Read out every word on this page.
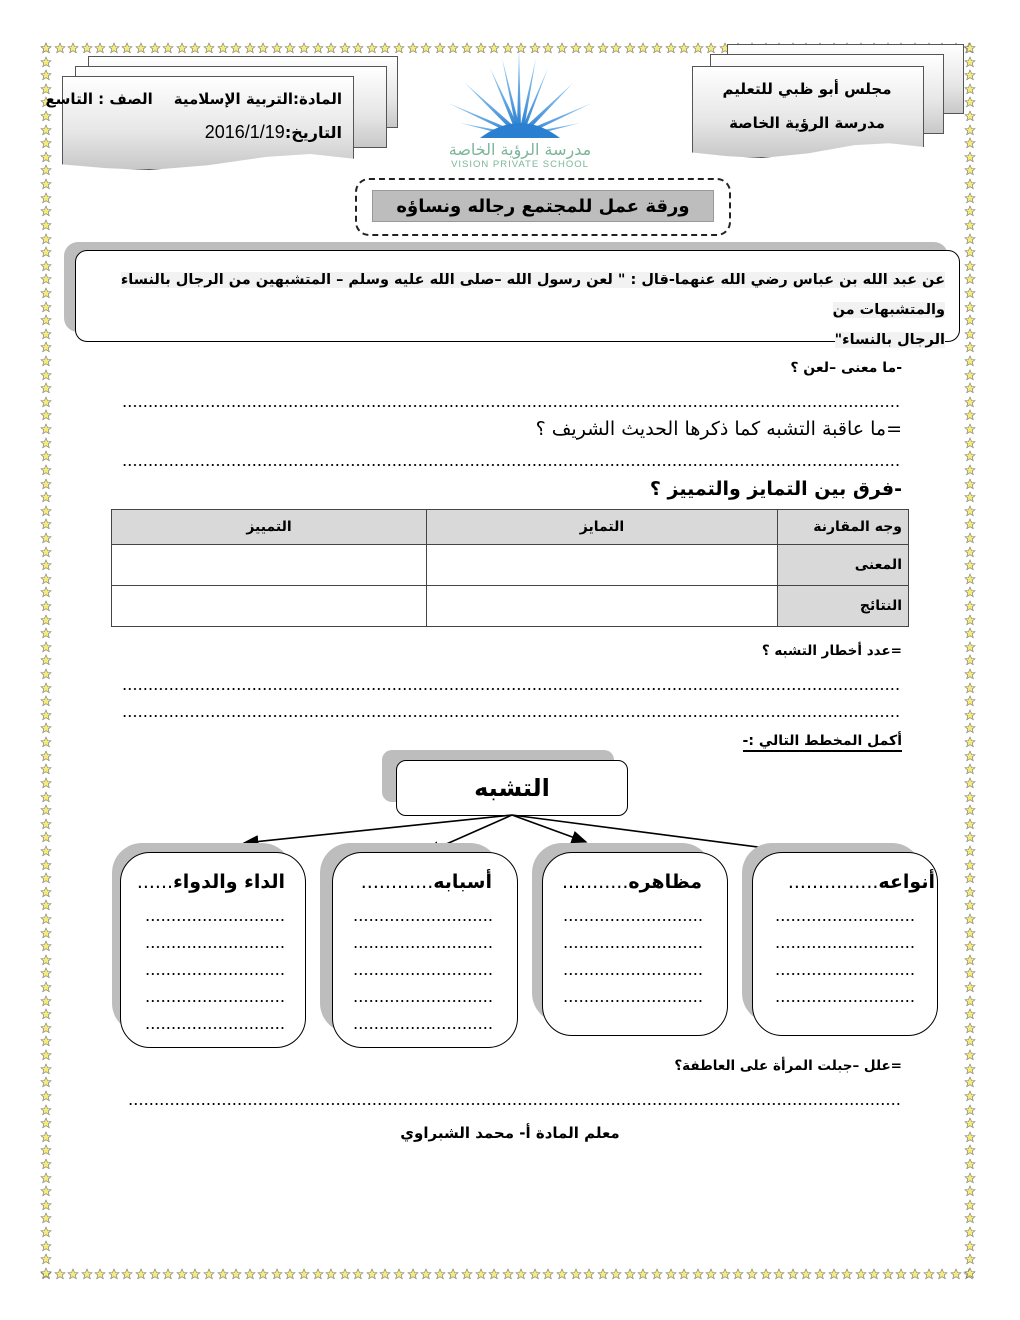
المادة:التربية الإسلامية    الصف : التاسع
التاريخ:2016/1/19
مجلس أبو ظبي للتعليم
مدرسة الرؤية الخاصة
مدرسة الرؤية الخاصة
VISION PRIVATE SCHOOL
ورقة عمل للمجتمع رجاله ونساؤه
عن عبد الله بن عباس رضي الله عنهما-قال : " لعن رسول الله –صلى الله عليه وسلم – المتشبهين من الرجال بالنساء والمتشبهات من
الرجال بالنساء"
-ما معنى –لعن ؟
=ما عاقبة التشبه كما ذكرها الحديث الشريف ؟
-فرق بين التمايز والتمييز ؟
وجه المقارنة	التمايز	التمييز
المعنى		
النتائج		
=عدد أخطار التشبه ؟
أكمل المخطط التالي :-
التشبه
الداء والدواء......	أسبابه............	مظاهره...........	أنواعه...............
=علل –جبلت المرأة على العاطفة؟
معلم المادة أ- محمد الشبراوي
